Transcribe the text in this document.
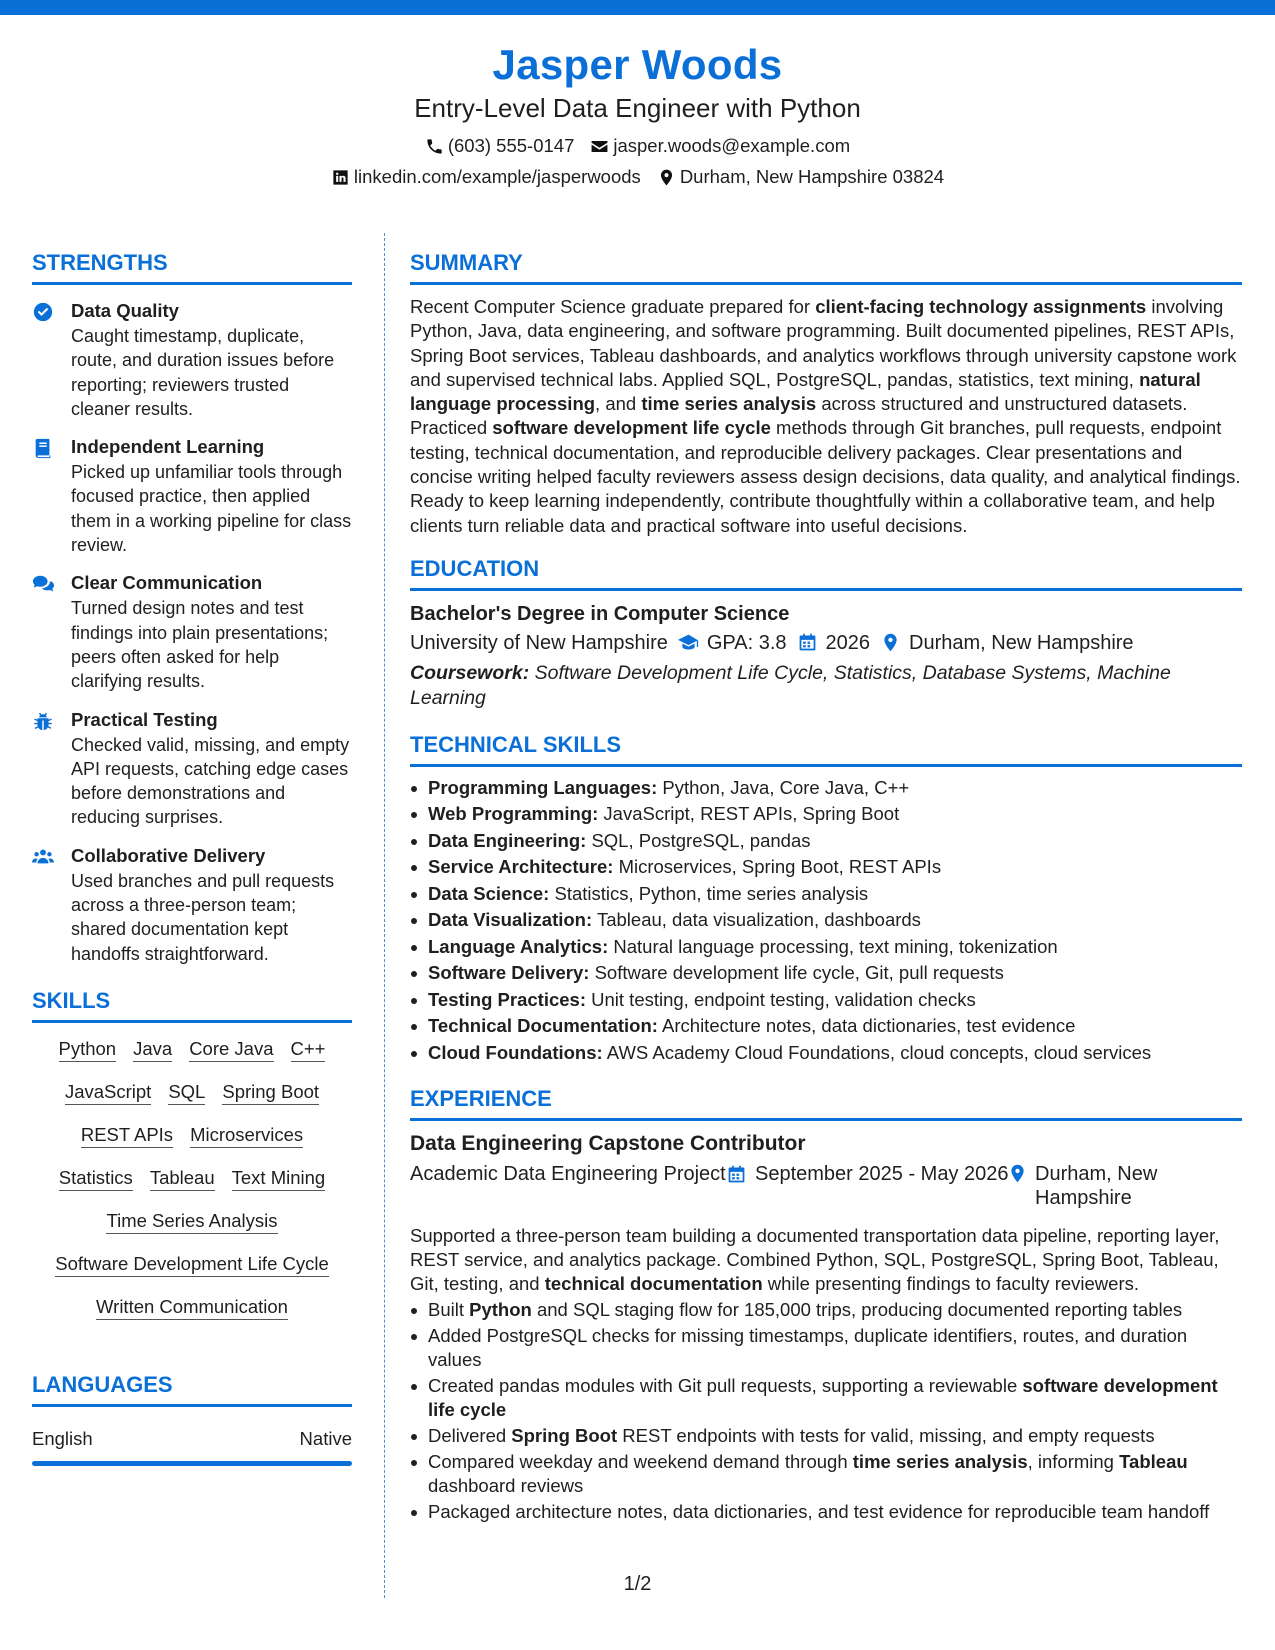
Jasper Woods
Entry-Level Data Engineer with Python
(603) 555-0147 jasper.woods@example.com
linkedin.com/example/jasperwoods Durham, New Hampshire 03824
STRENGTHS
Data Quality
Caught timestamp, duplicate, route, and duration issues before reporting; reviewers trusted cleaner results.
Independent Learning
Picked up unfamiliar tools through focused practice, then applied them in a working pipeline for class review.
Clear Communication
Turned design notes and test findings into plain presentations; peers often asked for help clarifying results.
Practical Testing
Checked valid, missing, and empty API requests, catching edge cases before demonstrations and reducing surprises.
Collaborative Delivery
Used branches and pull requests across a three-person team; shared documentation kept handoffs straightforward.
SKILLS
Python Java Core Java C++
JavaScript SQL Spring Boot
REST APIs Microservices
Statistics Tableau Text Mining
Time Series Analysis
Software Development Life Cycle
Written Communication
LANGUAGES
English	Native
SUMMARY

Recent Computer Science graduate prepared for client-facing technology assignments involving Python, Java, data engineering, and software programming. Built documented pipelines, REST APIs, Spring Boot services, Tableau dashboards, and analytics workflows through university capstone work and supervised technical labs. Applied SQL, PostgreSQL, pandas, statistics, text mining, natural language processing, and time series analysis across structured and unstructured datasets. Practiced software development life cycle methods through Git branches, pull requests, endpoint testing, technical documentation, and reproducible delivery packages. Clear presentations and concise writing helped faculty reviewers assess design decisions, data quality, and analytical findings. Ready to keep learning independently, contribute thoughtfully within a collaborative team, and help clients turn reliable data and practical software into useful decisions.

EDUCATION
Bachelor's Degree in Computer Science
University of New Hampshire GPA: 3.8 2026 Durham, New Hampshire
Coursework: Software Development Life Cycle, Statistics, Database Systems, Machine Learning
TECHNICAL SKILLS
Programming Languages: Python, Java, Core Java, C++
Web Programming: JavaScript, REST APIs, Spring Boot
Data Engineering: SQL, PostgreSQL, pandas
Service Architecture: Microservices, Spring Boot, REST APIs
Data Science: Statistics, Python, time series analysis
Data Visualization: Tableau, data visualization, dashboards
Language Analytics: Natural language processing, text mining, tokenization
Software Delivery: Software development life cycle, Git, pull requests
Testing Practices: Unit testing, endpoint testing, validation checks
Technical Documentation: Architecture notes, data dictionaries, test evidence
Cloud Foundations: AWS Academy Cloud Foundations, cloud concepts, cloud services
EXPERIENCE
Data Engineering Capstone Contributor
Academic Data Engineering Project September 2025 - May 2026	Durham, New Hampshire

Supported a three-person team building a documented transportation data pipeline, reporting layer, REST service, and analytics package. Combined Python, SQL, PostgreSQL, Spring Boot, Tableau, Git, testing, and technical documentation while presenting findings to faculty reviewers.

Built Python and SQL staging flow for 185,000 trips, producing documented reporting tables
Added PostgreSQL checks for missing timestamps, duplicate identifiers, routes, and duration values
Created pandas modules with Git pull requests, supporting a reviewable software development life cycle
Delivered Spring Boot REST endpoints with tests for valid, missing, and empty requests
Compared weekday and weekend demand through time series analysis, informing Tableau dashboard reviews
Packaged architecture notes, data dictionaries, and test evidence for reproducible team handoff
1/2
